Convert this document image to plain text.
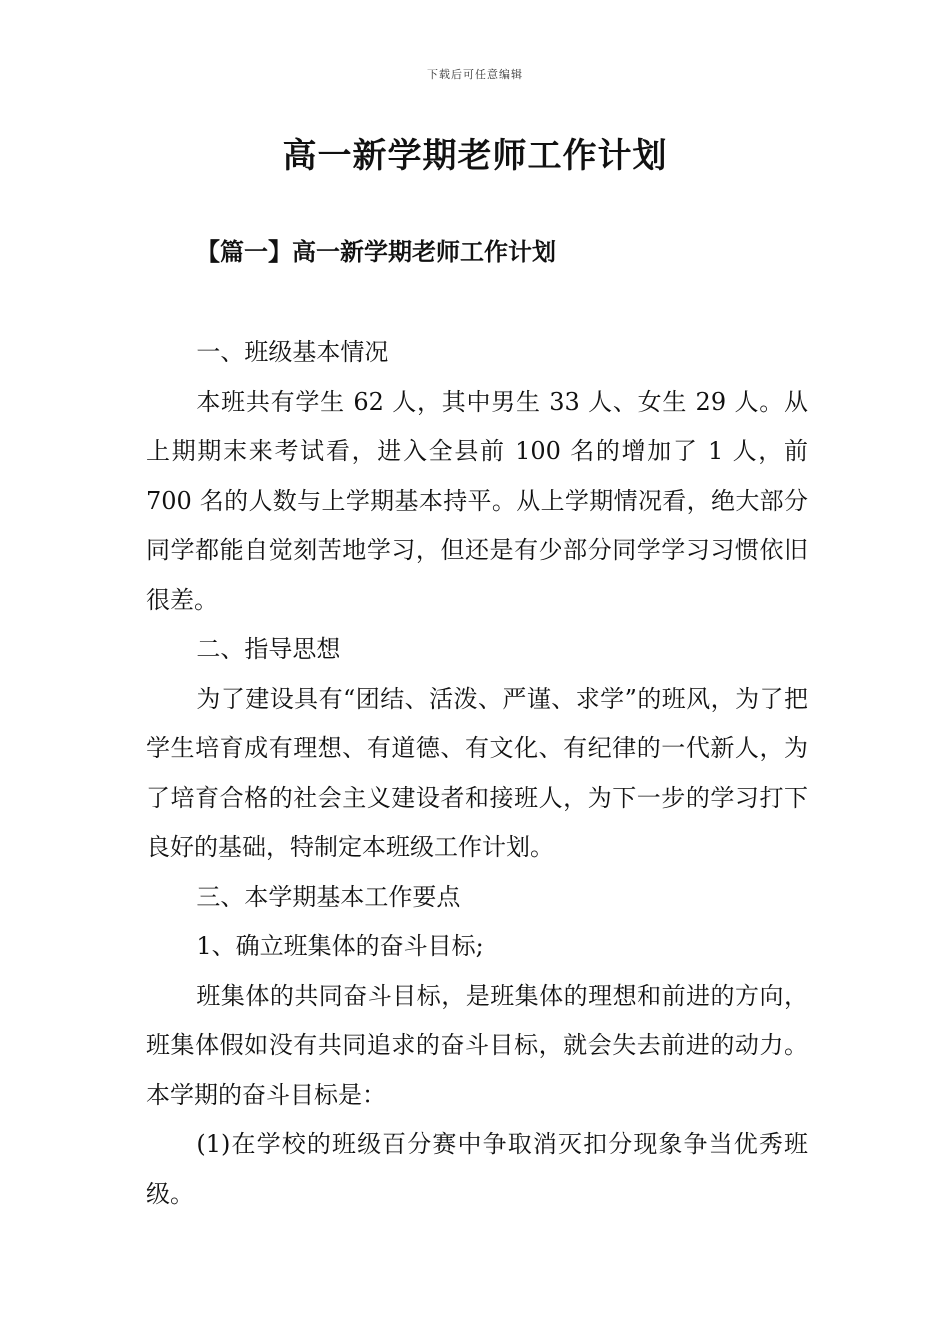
下载后可任意编辑
高一新学期老师工作计划
【篇一】高一新学期老师工作计划

一、班级基本情况

本班共有学生 62 人，其中男生 33 人、女生 29 人。从上期期末来考试看，进入全县前 100 名的增加了 1 人，前 700 名的人数与上学期基本持平。从上学期情况看，绝大部分同学都能自觉刻苦地学习，但还是有少部分同学学习习惯依旧很差。

二、指导思想

为了建设具有“团结、活泼、严谨、求学”的班风，为了把学生培育成有理想、有道德、有文化、有纪律的一代新人，为了培育合格的社会主义建设者和接班人，为下一步的学习打下良好的基础，特制定本班级工作计划。

三、本学期基本工作要点

1、确立班集体的奋斗目标;

班集体的共同奋斗目标，是班集体的理想和前进的方向，班集体假如没有共同追求的奋斗目标，就会失去前进的动力。本学期的奋斗目标是：

(1)在学校的班级百分赛中争取消灭扣分现象争当优秀班级。
